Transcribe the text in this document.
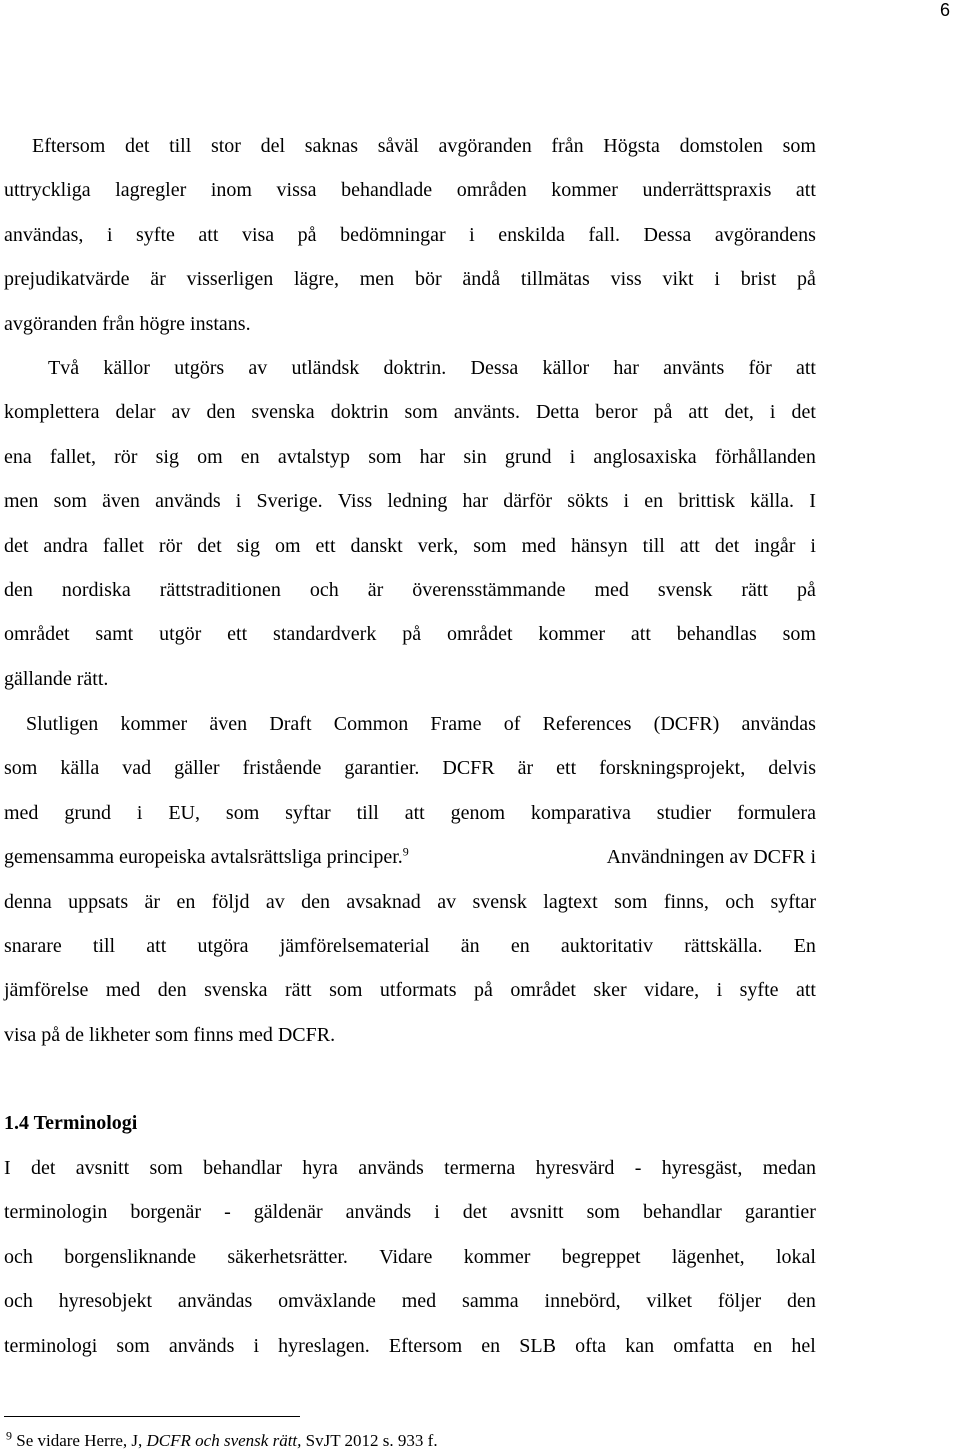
6
Eftersom det till stor del saknas såväl avgöranden från Högsta domstolen som
uttryckliga lagregler inom vissa behandlade områden kommer underrättspraxis att
användas, i syfte att visa på bedömningar i enskilda fall. Dessa avgörandens
prejudikatvärde är visserligen lägre, men bör ändå tillmätas viss vikt i brist på
avgöranden från högre instans.
Två källor utgörs av utländsk doktrin. Dessa källor har använts för att
komplettera delar av den svenska doktrin som använts. Detta beror på att det, i det
ena fallet, rör sig om en avtalstyp som har sin grund i anglosaxiska förhållanden
men som även används i Sverige. Viss ledning har därför sökts i en brittisk källa. I
det andra fallet rör det sig om ett danskt verk, som med hänsyn till att det ingår i
den nordiska rättstraditionen och är överensstämmande med svensk rätt på
området samt utgör ett standardverk på området kommer att behandlas som
gällande rätt.
Slutligen kommer även Draft Common Frame of References (DCFR) användas
som källa vad gäller fristående garantier. DCFR är ett forskningsprojekt, delvis
med grund i EU, som syftar till att genom komparativa studier formulera
gemensamma europeiska avtalsrättsliga principer.$^9$	Användningen av DCFR i
denna uppsats är en följd av den avsaknad av svensk lagtext som finns, och syftar
snarare till att utgöra jämförelsematerial än en auktoritativ rättskälla. En
jämförelse med den svenska rätt som utformats på området sker vidare, i syfte att
visa på de likheter som finns med DCFR.
1.4 Terminologi
I det avsnitt som behandlar hyra används termerna hyresvärd - hyresgäst, medan
terminologin borgenär - gäldenär används i det avsnitt som behandlar garantier
och borgensliknande säkerhetsrätter. Vidare kommer begreppet lägenhet, lokal
och hyresobjekt användas omväxlande med samma innebörd, vilket följer den
terminologi som används i hyreslagen. Eftersom en SLB ofta kan omfatta en hel
$^9$ Se vidare Herre, J, DCFR och svensk rätt, SvJT 2012 s. 933 f.
